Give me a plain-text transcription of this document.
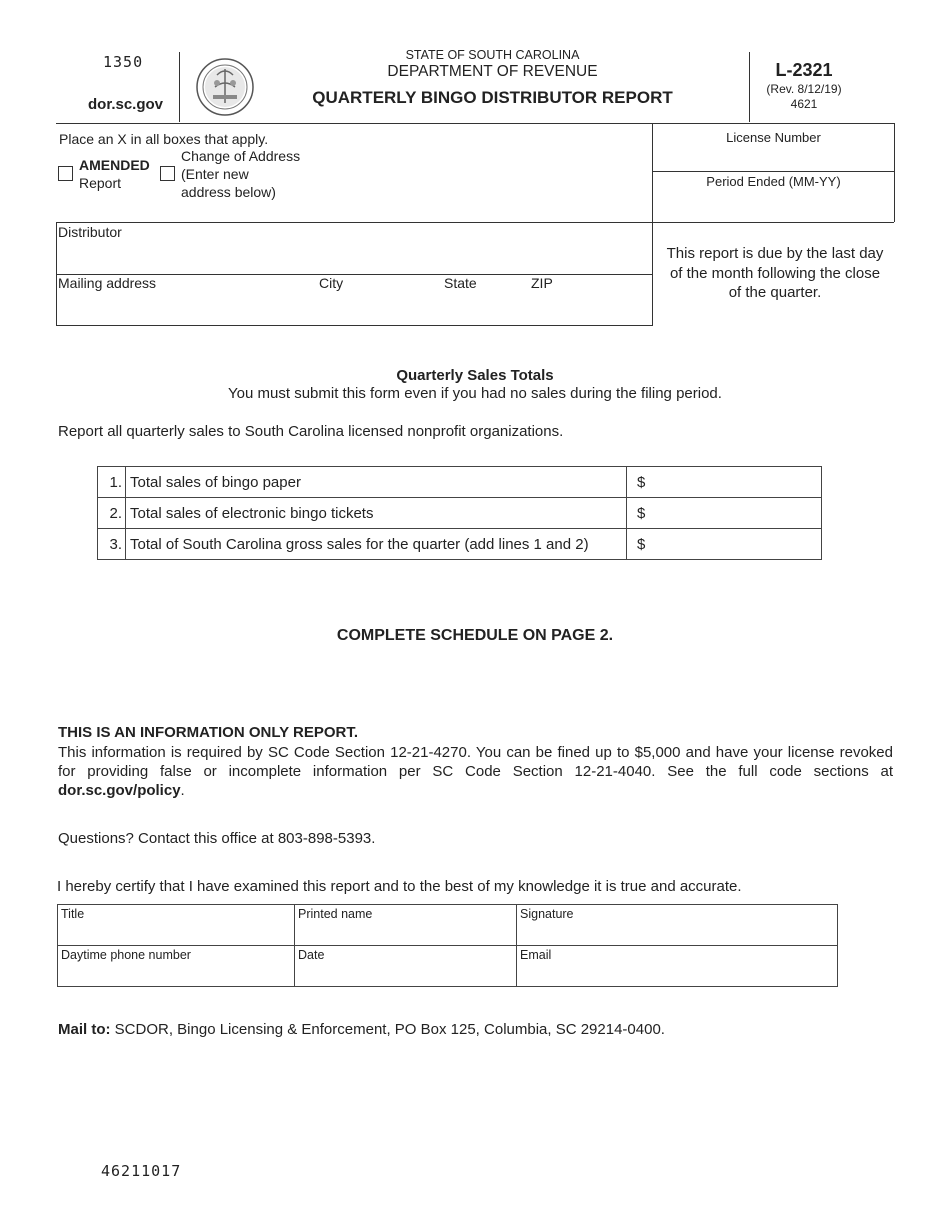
1350
dor.sc.gov
STATE OF SOUTH CAROLINA
DEPARTMENT OF REVENUE
QUARTERLY BINGO DISTRIBUTOR REPORT
L-2321
(Rev. 8/12/19)
4621
Place an X in all boxes that apply.
AMENDED
Report
Change of Address
(Enter new
address below)
License Number
Period Ended (MM-YY)
This report is due by the last day of the month following the close of the quarter.
Distributor
Mailing address	City	State	ZIP
Quarterly Sales Totals
You must submit this form even if you had no sales during the filing period.
Report all quarterly sales to South Carolina licensed nonprofit organizations.
1.	Total sales of bingo paper	$
2.	Total sales of electronic bingo tickets	$
3.	Total of South Carolina gross sales for the quarter (add lines 1 and 2)	$
COMPLETE SCHEDULE ON PAGE 2.
THIS IS AN INFORMATION ONLY REPORT.
This information is required by SC Code Section 12-21-4270. You can be fined up to $5,000 and have your license revoked for providing false or incomplete information per SC Code Section 12-21-4040. See the full code sections at dor.sc.gov/policy.
Questions? Contact this office at 803-898-5393.
I hereby certify that I have examined this report and to the best of my knowledge it is true and accurate.
Title	Printed name	Signature
Daytime phone number	Date	Email
Mail to: SCDOR, Bingo Licensing & Enforcement, PO Box 125, Columbia, SC 29214-0400.
46211017
